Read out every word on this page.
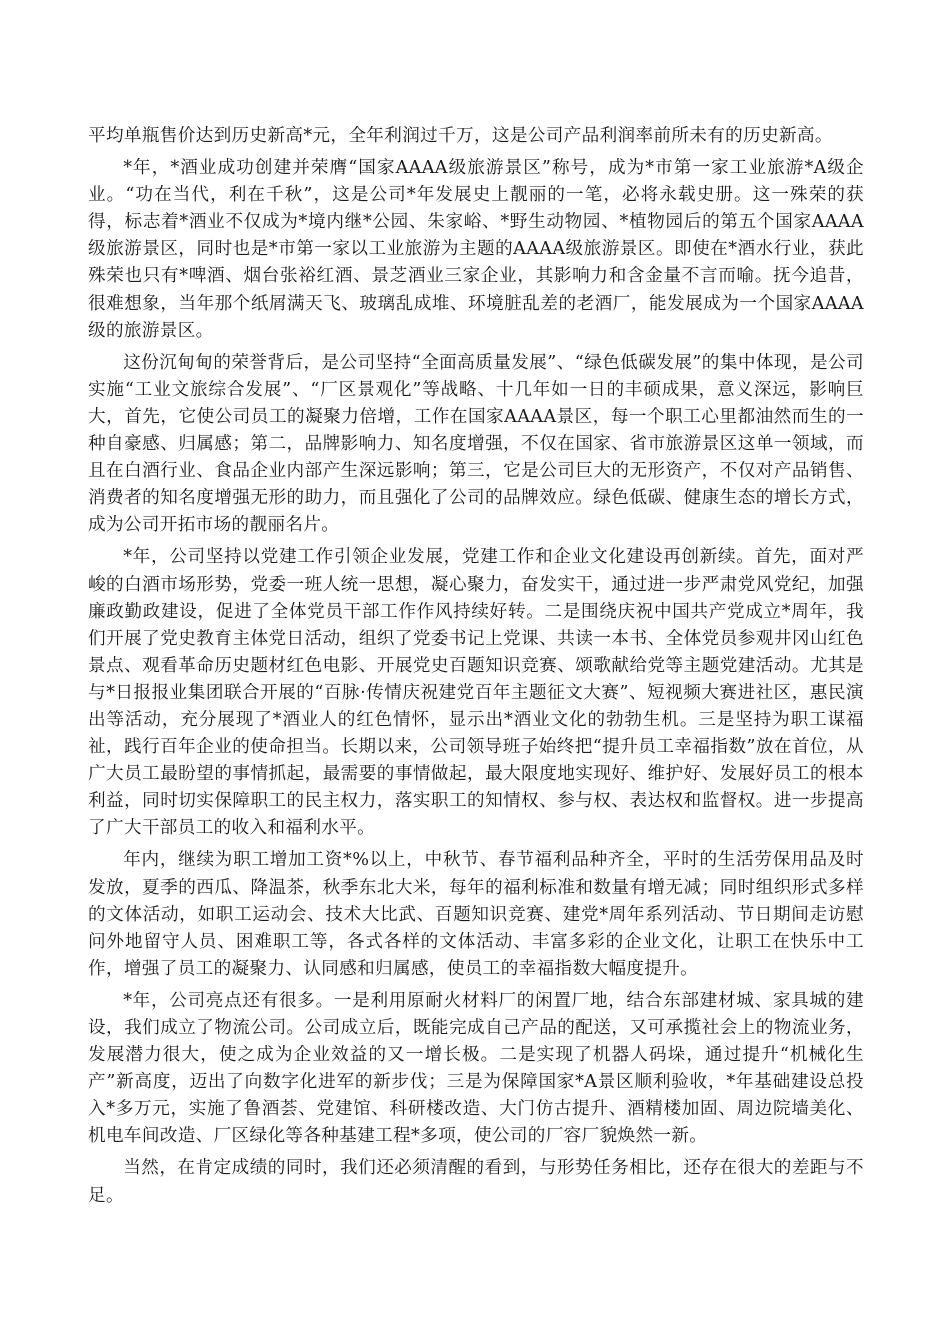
平均单瓶售价达到历史新高*元，全年利润过千万，这是公司产品利润率前所未有的历史新高。

*年，*酒业成功创建并荣膺“国家AAAA级旅游景区”称号，成为*市第一家工业旅游*A级企业。“功在当代，利在千秋”，这是公司*年发展史上靓丽的一笔，必将永载史册。这一殊荣的获得，标志着*酒业不仅成为*境内继*公园、朱家峪、*野生动物园、*植物园后的第五个国家AAAA级旅游景区，同时也是*市第一家以工业旅游为主题的AAAA级旅游景区。即使在*酒水行业，获此殊荣也只有*啤酒、烟台张裕红酒、景芝酒业三家企业，其影响力和含金量不言而喻。抚今追昔，很难想象，当年那个纸屑满天飞、玻璃乱成堆、环境脏乱差的老酒厂，能发展成为一个国家AAAA级的旅游景区。

这份沉甸甸的荣誉背后，是公司坚持“全面高质量发展”、“绿色低碳发展”的集中体现，是公司实施“工业文旅综合发展”、“厂区景观化”等战略、十几年如一日的丰硕成果，意义深远，影响巨大，首先，它使公司员工的凝聚力倍增，工作在国家AAAA景区，每一个职工心里都油然而生的一种自豪感、归属感；第二，品牌影响力、知名度增强，不仅在国家、省市旅游景区这单一领域，而且在白酒行业、食品企业内部产生深远影响；第三，它是公司巨大的无形资产，不仅对产品销售、消费者的知名度增强无形的助力，而且强化了公司的品牌效应。绿色低碳、健康生态的增长方式，成为公司开拓市场的靓丽名片。

*年，公司坚持以党建工作引领企业发展，党建工作和企业文化建设再创新续。首先，面对严峻的白酒市场形势，党委一班人统一思想，凝心聚力，奋发实干，通过进一步严肃党风党纪，加强廉政勤政建设，促进了全体党员干部工作作风持续好转。二是围绕庆祝中国共产党成立*周年，我们开展了党史教育主体党日活动，组织了党委书记上党课、共读一本书、全体党员参观井冈山红色景点、观看革命历史题材红色电影、开展党史百题知识竞赛、颂歌献给党等主题党建活动。尤其是与*日报报业集团联合开展的“百脉·传情庆祝建党百年主题征文大赛”、短视频大赛进社区，惠民演出等活动，充分展现了*酒业人的红色情怀，显示出*酒业文化的勃勃生机。三是坚持为职工谋福祉，践行百年企业的使命担当。长期以来，公司领导班子始终把“提升员工幸福指数”放在首位，从广大员工最盼望的事情抓起，最需要的事情做起，最大限度地实现好、维护好、发展好员工的根本利益，同时切实保障职工的民主权力，落实职工的知情权、参与权、表达权和监督权。进一步提高了广大干部员工的收入和福利水平。

年内，继续为职工增加工资*%以上，中秋节、春节福利品种齐全，平时的生活劳保用品及时发放，夏季的西瓜、降温茶，秋季东北大米，每年的福利标准和数量有增无减；同时组织形式多样的文体活动，如职工运动会、技术大比武、百题知识竞赛、建党*周年系列活动、节日期间走访慰问外地留守人员、困难职工等，各式各样的文体活动、丰富多彩的企业文化，让职工在快乐中工作，增强了员工的凝聚力、认同感和归属感，使员工的幸福指数大幅度提升。

*年，公司亮点还有很多。一是利用原耐火材料厂的闲置厂地，结合东部建材城、家具城的建设，我们成立了物流公司。公司成立后，既能完成自己产品的配送，又可承揽社会上的物流业务，发展潜力很大，使之成为企业效益的又一增长极。二是实现了机器人码垛，通过提升“机械化生产”新高度，迈出了向数字化进军的新步伐；三是为保障国家*A景区顺利验收，*年基础建设总投入*多万元，实施了鲁酒荟、党建馆、科研楼改造、大门仿古提升、酒精楼加固、周边院墙美化、机电车间改造、厂区绿化等各种基建工程*多项，使公司的厂容厂貌焕然一新。

当然，在肯定成绩的同时，我们还必须清醒的看到，与形势任务相比，还存在很大的差距与不足。
